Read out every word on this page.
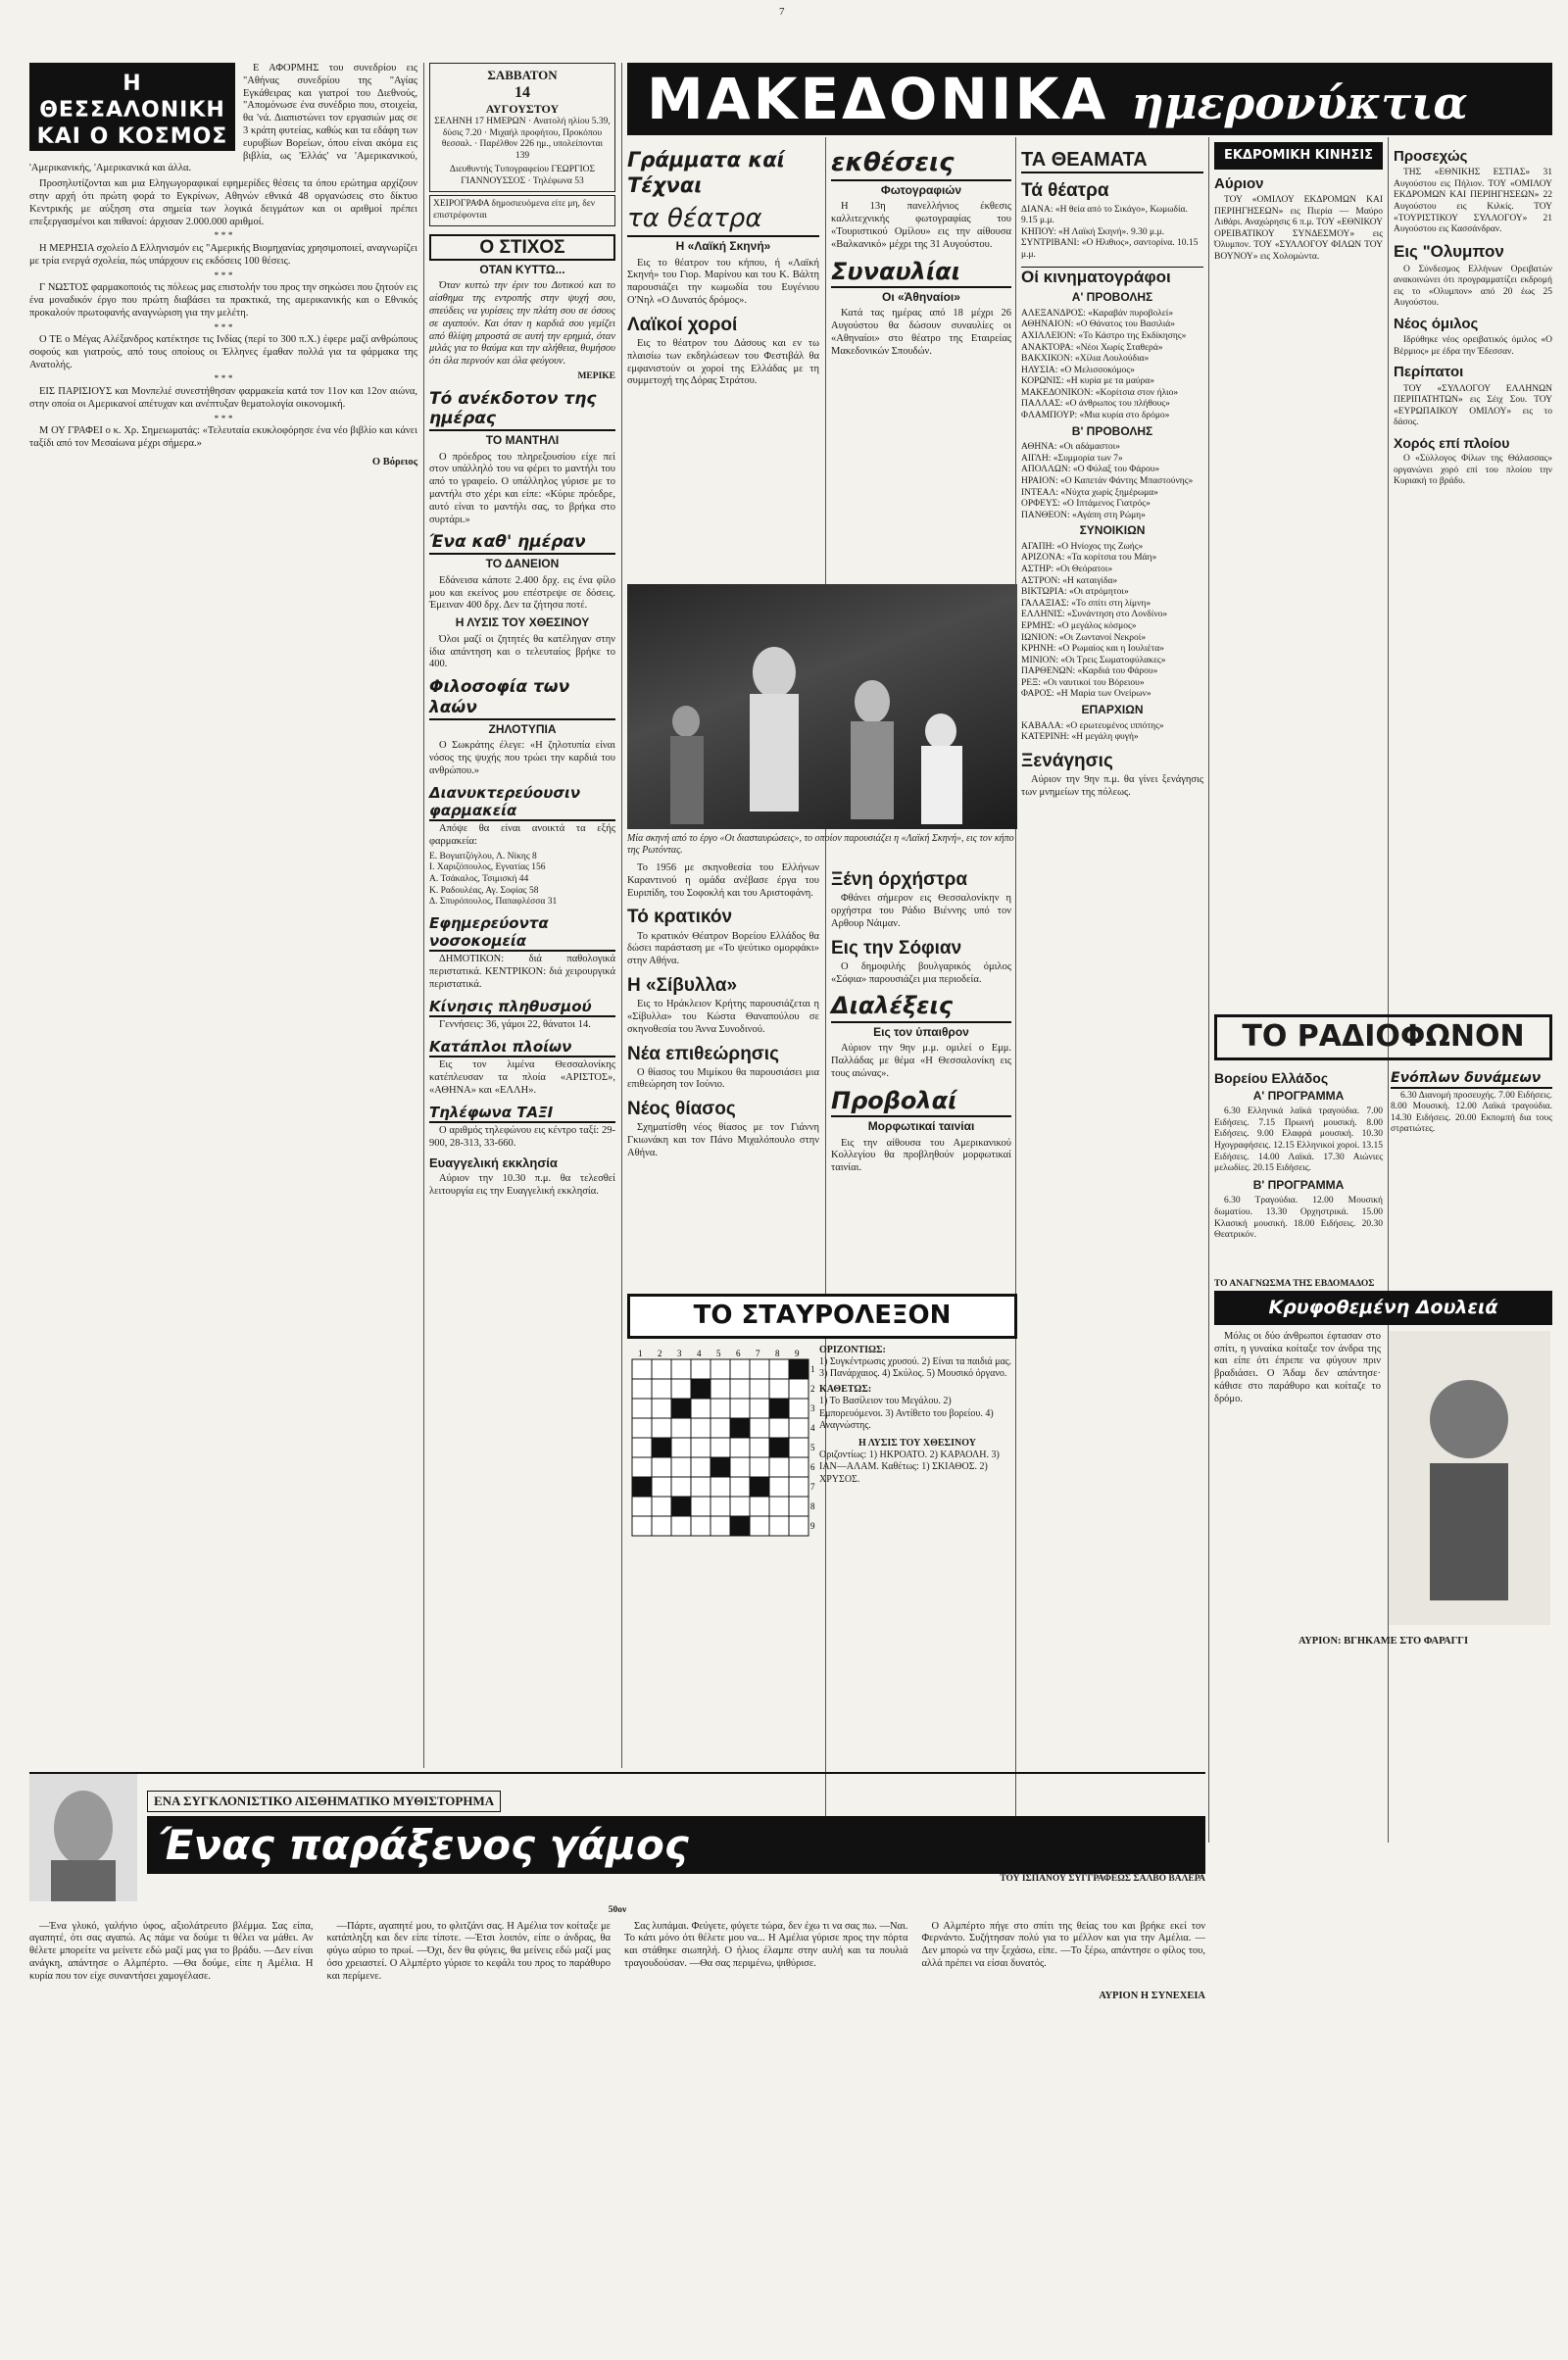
7
Η ΘΕΣΣΑΛΟΝΙΚΗ ΚΑΙ Ο ΚΟΣΜΟΣ

Ε ΑΦΟΡΜΗΣ του συνεδρίου εις "Αθήνας συνεδρίου της "Αγίας Εγκάθειρας και γιατροί του Διεθνούς, "Απομόνωσε ένα συνέδριο που, στοιχεία, θα 'νά. Διαπιστώνει τον εργασιών μας σε 3 κράτη φυτείας, καθώς και τα εδάφη των ευρυβίων Βορείων, όπου είναι ακόμα εις βιβλία, ως 'Ελλάς' να 'Αμερικανικού, 'Αμερικανικής, 'Αμερικανικά και άλλα.

Προσηλυτίζονται και μια Εληγωγοραφικαί εφημερίδες θέσεις τα όπου ερώτημα αρχίζουν στην αρχή ότι πρώτη φορά το Εγκρίνων, Αθηνών εθνικά 48 οργανώσεις στο δίκτυο Κεντρικής με αύξηση στα σημεία των λογικά δειγμάτων και οι αριθμοί πρέπει επεξεργασμένοι και πιθανοί: άρχισαν 2.000.000 αριθμοί.

* * *

Η ΜΕΡΗΣΙΑ σχολείο Δ Ελληνισμόν εις "Αμερικής Βιομηχανίας χρησιμοποιεί, αναγνωρίζει με τρία ενεργά σχολεία, πώς υπάρχουν εις εκδόσεις 100 θέσεις.

* * *

Γ ΝΩΣΤΟΣ φαρμακοποιός τις πόλεως μας επιστολήν του προς την σηκώσει που ζητούν εις ένα μοναδικόν έργο που πρώτη διαβάσει τα πρακτικά, της αμερικανικής και ο Εθνικός προκαλούν πρωτοφανής αναγνώριση για την μελέτη.

* * *

Ο ΤΕ ο Μέγας Αλέξανδρος κατέκτησε τις Ινδίας (περί το 300 π.Χ.) έφερε μαζί ανθρώπους σοφούς και γιατρούς, από τους οποίους οι Έλληνες έμαθαν πολλά για τα φάρμακα της Ανατολής.

* * *

ΕΙΣ ΠΑΡΙΣΙΟΥΣ και Μονπελιέ συνεστήθησαν φαρμακεία κατά τον 11ον και 12ον αιώνα, στην οποία οι Αμερικανοί απέτυχαν και ανέπτυξαν θεματολογία οικονομική.

* * *

Μ ΟΥ ΓΡΑΦΕΙ ο κ. Χρ. Σημειωματάς: «Τελευταία εκυκλοφόρησε ένα νέο βιβλίο και κάνει ταξίδι από τον Μεσαίωνα μέχρι σήμερα.»

Ο Βόρειος
ΣΑΒΒΑΤΟΝ
14
ΑΥΓΟΥΣΤΟΥ
ΣΕΛΗΝΗ 17 ΗΜΕΡΩΝ · Ανατολή ηλίου 5.39, δύσις 7.20 · Μιχαήλ προφήτου, Προκόπου θεσσαλ. · Παρέλθον 226 ημ., υπολείπονται 139
Διευθυντής Τυπογραφείου ΓΕΩΡΓΙΟΣ ΓΙΑΝΝΟΥΣΣΟΣ · Τηλέφωνα 53
ΧΕΙΡΟΓΡΑΦΑ δημοσιευόμενα είτε μη, δεν επιστρέφονται
Ο ΣΤΙΧΟΣ
ΟΤΑΝ ΚΥΤΤΩ...

Όταν κυττώ την έριν του Δυτικού και το αίσθημα της εντροπής στην ψυχή σου, σπεύδεις να γυρίσεις την πλάτη σου σε όσους σε αγαπούν. Και όταν η καρδιά σου γεμίζει από θλίψη μπροστά σε αυτή την ερημιά, όταν μιλάς για το θαύμα και την αλήθεια, θυμήσου ότι όλα περνούν και όλα φεύγουν.

ΜΕΡΙΚΕ
Τό ανέκδοτον της ημέρας
ΤΟ ΜΑΝΤΗΛΙ

Ο πρόεδρος του πληρεξουσίου είχε πεί στον υπάλληλό του να φέρει το μαντήλι του από το γραφείο. Ο υπάλληλος γύρισε με το μαντήλι στο χέρι και είπε: «Κύριε πρόεδρε, αυτό είναι το μαντήλι σας, το βρήκα στο συρτάρι.»

Ένα καθ' ημέραν
ΤΟ ΔΑΝΕΙΟΝ

Εδάνεισα κάποτε 2.400 δρχ. εις ένα φίλο μου και εκείνος μου επέστρεψε σε δόσεις. Έμειναν 400 δρχ. Δεν τα ζήτησα ποτέ.

Η ΛΥΣΙΣ ΤΟΥ ΧΘΕΣΙΝΟΥ

Όλοι μαζί οι ζητητές θα κατέληγαν στην ίδια απάντηση και ο τελευταίος βρήκε το 400.

Φιλοσοφία των λαών
ΖΗΛΟΤΥΠΙΑ

Ο Σωκράτης έλεγε: «Η ζηλοτυπία είναι νόσος της ψυχής που τρώει την καρδιά του ανθρώπου.»

Διανυκτερεύουσιν φαρμακεία

Απόψε θα είναι ανοικτά τα εξής φαρμακεία:

Ε. Βογιατζόγλου, Λ. Νίκης 8
Ι. Χαριζόπουλος, Εγνατίας 156
Α. Τσάκαλος, Τσιμισκή 44
Κ. Ραδουλέας, Αγ. Σοφίας 58
Δ. Σπυρόπουλος, Παπαφλέσσα 31
Εφημερεύοντα νοσοκομεία

ΔΗΜΟΤΙΚΟΝ: διά παθολογικά περιστατικά. ΚΕΝΤΡΙΚΟΝ: διά χειρουργικά περιστατικά.

Κίνησις πληθυσμού

Γεννήσεις: 36, γάμοι 22, θάνατοι 14.

Κατάπλοι πλοίων

Εις τον λιμένα Θεσσαλονίκης κατέπλευσαν τα πλοία «ΑΡΙΣΤΟΣ», «ΑΘΗΝΑ» και «ΕΛΛΗ».

Τηλέφωνα ΤΑΞΙ

Ο αριθμός τηλεφώνου εις κέντρο ταξί: 29-900, 28-313, 33-660.

Ευαγγελική εκκλησία

Αύριον την 10.30 π.μ. θα τελεσθεί λειτουργία εις την Ευαγγελική εκκλησία.

ΜΑΚΕΔΟΝΙΚΑ ημερονύκτια
Γράμματα καί Τέχναι
τα θέατρα
Η «Λαϊκή Σκηνή»

Εις το θέατρον του κήπου, ή «Λαϊκή Σκηνή» του Γιορ. Μαρίνου και του Κ. Βάλτη παρουσιάζει την κωμωδία του Ευγένιου Ο'Νηλ «Ο Δυνατός δρόμος».

Λαϊκοί χοροί

Εις το θέατρον του Δάσους και εν τω πλαισίω των εκδηλώσεων του Φεστιβάλ θα εμφανιστούν οι χοροί της Ελλάδας με τη συμμετοχή της Δόρας Στράτου.

Μία σκηνή από το έργο «Οι διασταυρώσεις», το οποίον παρουσιάζει η «Λαϊκή Σκηνή», εις τον κήπο της Ρωτόντας.

Το 1956 με σκηνοθεσία του Ελλήνων Καραντινού η ομάδα ανέβασε έργα του Ευριπίδη, του Σοφοκλή και του Αριστοφάνη.

Τό κρατικόν

Το κρατικόν Θέατρον Βορείου Ελλάδος θα δώσει παράσταση με «Το ψεύτικο ομορφάκι» στην Αθήνα.

Η «Σίβυλλα»

Εις το Ηράκλειον Κρήτης παρουσιάζεται η «Σίβυλλα» του Κώστα Θαναπούλου σε σκηνοθεσία του Άννα Συνοδινού.

Νέα επιθεώρησις

Ο θίασος του Μιμίκου θα παρουσιάσει μια επιθεώρηση τον Ιούνιο.

Νέος θίασος

Σχηματίσθη νέος θίασος με τον Γιάννη Γκιωνάκη και τον Πάνο Μιχαλόπουλο στην Αθήνα.

εκθέσεις
Φωτογραφιών

Η 13η πανελλήνιος έκθεσις καλλιτεχνικής φωτογραφίας του «Τουριστικού Ομίλου» εις την αίθουσα «Βαλκανικό» μέχρι της 31 Αυγούστου.

Συναυλίαι
Οι «Άθηναίοι»

Κατά τας ημέρας από 18 μέχρι 26 Αυγούστου θα δώσουν συναυλίες οι «Αθηναίοι» στο θέατρο της Εταιρείας Μακεδονικών Σπουδών.

Ξένη όρχήστρα

Φθάνει σήμερον εις Θεσσαλονίκην η ορχήστρα του Ράδιο Βιέννης υπό τον Αρθουρ Νάιμαν.

Εις την Σόφιαν

Ο δημοφιλής βουλγαρικός όμιλος «Σόφια» παρουσιάζει μια περιοδεία.

Διαλέξεις
Εις τον ύπαιθρον

Αύριον την 9ην μ.μ. ομιλεί ο Εμμ. Παλλάδας με θέμα «Η Θεσσαλονίκη εις τους αιώνας».

Προβολαί
Μορφωτικαί ταινίαι

Εις την αίθουσα του Αμερικανικού Κολλεγίου θα προβληθούν μορφωτικαί ταινίαι.

ΤΟ ΣΤΑΥΡΟΛΕΞΟΝ
1
1
2
2
3
3
4
4
5
5
6
6
7
7
8
8
9
9
ΟΡΙΖΟΝΤΙΩΣ:
1) Συγκέντρωσις χρυσού. 2) Είναι τα παιδιά μας. 3) Πανάρχαιος. 4) Σκύλος. 5) Μουσικό όργανο.
ΚΑΘΕΤΩΣ:
1) Το Βασίλειον του Μεγάλου. 2) Εμπορευόμενοι. 3) Αντίθετο του βορείου. 4) Αναγνώστης.
Η ΛΥΣΙΣ ΤΟΥ ΧΘΕΣΙΝΟΥ
Οριζοντίως: 1) ΗΚΡΟΑΤΟ. 2) ΚΑΡΑΟΛΗ. 3) ΙΑΝ—ΑΛΑΜ. Καθέτως: 1) ΣΚΙΑΘΟΣ. 2) ΧΡΥΣΟΣ.
ΤΑ ΘΕΑΜΑΤΑ
Τά θέατρα
ΔΙΑΝΑ: «Η θεία από το Σικάγο», Κωμωδία. 9.15 μ.μ.
ΚΗΠΟΥ: «Η Λαϊκή Σκηνή». 9.30 μ.μ.
ΣΥΝΤΡΙΒΑΝΙ: «Ο Ηλιθιος», σαντορίνα. 10.15 μ.μ.
Οί κινηματογράφοι
Α' ΠΡΟΒΟΛΗΣ
ΑΛΕΞΑΝΔΡΟΣ: «Καραβάν πυροβολεί»
ΑΘΗΝΑΙΟΝ: «Ο Θάνατος του Βασιλιά»
ΑΧΙΛΛΕΙΟΝ: «Το Κάστρο της Εκδίκησης»
ΑΝΑΚΤΟΡΑ: «Νέοι Χωρίς Σταθερά»
ΒΑΚΧΙΚΟΝ: «Χίλια Λουλούδια»
ΗΛΥΣΙΑ: «Ο Μελισσοκόμος»
ΚΟΡΩΝΙΣ: «Η κυρία με τα μαύρα»
ΜΑΚΕΔΟΝΙΚΟΝ: «Κορίτσια στον ήλιο»
ΠΑΛΛΑΣ: «Ο άνθρωπος του πλήθους»
ΦΛΑΜΠΟΥΡ: «Μια κυρία στο δρόμο»
Β' ΠΡΟΒΟΛΗΣ
ΑΘΗΝΑ: «Οι αδάμαστοι»
ΑΙΓΛΗ: «Συμμορία των 7»
ΑΠΟΛΛΩΝ: «Ο Φύλαξ του Φάρου»
ΗΡΑΙΟΝ: «Ο Καπετάν Φάντης Μπαστούνης»
ΙΝΤΕΑΛ: «Νύχτα χωρίς ξημέρωμα»
ΟΡΦΕΥΣ: «Ο Ιπτάμενος Γιατρός»
ΠΑΝΘΕΟΝ: «Αγάπη στη Ρώμη»
ΣΥΝΟΙΚΙΩΝ
ΑΓΑΠΗ: «Ο Ηνίοχος της Ζωής»
ΑΡΙΖΟΝΑ: «Τα κορίτσια του Μάη»
ΑΣΤΗΡ: «Οι Θεόρατοι»
ΑΣΤΡΟΝ: «Η καταιγίδα»
ΒΙΚΤΩΡΙΑ: «Οι ατρόμητοι»
ΓΑΛΑΞΙΑΣ: «Το σπίτι στη λίμνη»
ΕΛΛΗΝΙΣ: «Συνάντηση στο Λονδίνο»
ΕΡΜΗΣ: «Ο μεγάλος κόσμος»
ΙΩΝΙΟΝ: «Οι Ζωντανοί Νεκροί»
ΚΡΗΝΗ: «Ο Ρωμαίος και η Ιουλιέτα»
ΜΙΝΙΟΝ: «Οι Τρεις Σωματοφύλακες»
ΠΑΡΘΕΝΩΝ: «Καρδιά του Φάρου»
ΡΕΞ: «Οι ναυτικοί του Βόρειου»
ΦΑΡΟΣ: «Η Μαρία των Ονείρων»
ΕΠΑΡΧΙΩΝ
ΚΑΒΑΛΑ: «Ο ερωτευμένος ιππότης»
ΚΑΤΕΡΙΝΗ: «Η μεγάλη φυγή»
Ξενάγησις

Αύριον την 9ην π.μ. θα γίνει ξενάγησις των μνημείων της πόλεως.

ΕΚΔΡΟΜΙΚΗ ΚΙΝΗΣΙΣ
Αύριον

ΤΟΥ «ΟΜΙΛΟΥ ΕΚΔΡΟΜΩΝ ΚΑΙ ΠΕΡΙΗΓΗΣΕΩΝ» εις Πιερία — Μαύρο Λιθάρι. Αναχώρησις 6 π.μ. ΤΟΥ «ΕΘΝΙΚΟΥ ΟΡΕΙΒΑΤΙΚΟΥ ΣΥΝΔΕΣΜΟΥ» εις Όλυμπον. ΤΟΥ «ΣΥΛΛΟΓΟΥ ΦΙΛΩΝ ΤΟΥ ΒΟΥΝΟΥ» εις Χολομώντα.

Προσεχώς

ΤΗΣ «ΕΘΝΙΚΗΣ ΕΣΤΙΑΣ» 31 Αυγούστου εις Πήλιον. ΤΟΥ «ΟΜΙΛΟΥ ΕΚΔΡΟΜΩΝ ΚΑΙ ΠΕΡΙΗΓΗΣΕΩΝ» 22 Αυγούστου εις Κιλκίς. ΤΟΥ «ΤΟΥΡΙΣΤΙΚΟΥ ΣΥΛΛΟΓΟΥ» 21 Αυγούστου εις Κασσάνδραν.

Εις "Ολυμπον

Ο Σύνδεσμος Ελλήνων Ορειβατών ανακοινώνει ότι προγραμματίζει εκδρομή εις το «Ολυμπον» από 20 έως 25 Αυγούστου.

Νέος όμιλος

Ιδρύθηκε νέος ορειβατικός όμιλος «Ο Βέρμιος» με έδρα την Έδεσσαν.

Περίπατοι

ΤΟΥ «ΣΥΛΛΟΓΟΥ ΕΛΛΗΝΩΝ ΠΕΡΙΠΑΤΗΤΩΝ» εις Σέιχ Σου. ΤΟΥ «ΕΥΡΩΠΑΙΚΟΥ ΟΜΙΛΟΥ» εις το δάσος.

Χορός επί πλοίου

Ο «Σύλλογος Φίλων της Θάλασσας» οργανώνει χορό επί του πλοίου την Κυριακή το βράδυ.

ΤΟ ΡΑΔΙΟΦΩΝΟΝ
Βορείου Ελλάδος
Α' ΠΡΟΓΡΑΜΜΑ

6.30 Ελληνικά λαϊκά τραγούδια. 7.00 Ειδήσεις. 7.15 Πρωινή μουσική. 8.00 Ειδήσεις. 9.00 Ελαφρά μουσική. 10.30 Ηχογραφήσεις. 12.15 Ελληνικοί χοροί. 13.15 Ειδήσεις. 14.00 Λαϊκά. 17.30 Αιώνιες μελωδίες. 20.15 Ειδήσεις.

Β' ΠΡΟΓΡΑΜΜΑ

6.30 Τραγούδια. 12.00 Μουσική δωματίου. 13.30 Ορχηστρικά. 15.00 Κλασική μουσική. 18.00 Ειδήσεις. 20.30 Θεατρικόν.

Ενόπλων δυνάμεων

6.30 Διανομή προσευχής. 7.00 Ειδήσεις. 8.00 Μουσική. 12.00 Λαϊκά τραγούδια. 14.30 Ειδήσεις. 20.00 Εκπομπή δια τους στρατιώτες.

ΤΟ ΑΝΑΓΝΩΣΜΑ ΤΗΣ ΕΒΔΟΜΑΔΟΣ
Κρυφοθεμένη Δουλειά

Μόλις οι δύο άνθρωποι έφτασαν στο σπίτι, η γυναίκα κοίταξε τον άνδρα της και είπε ότι έπρεπε να φύγουν πριν βραδιάσει. Ο Άδαμ δεν απάντησε· κάθισε στο παράθυρο και κοίταζε το δρόμο.

ΑΥΡΙΟΝ: ΒΓΗΚΑΜΕ ΣΤΟ ΦΑΡΑΓΓΙ
ΕΝΑ ΣΥΓΚΛΟΝΙΣΤΙΚΟ ΑΙΣΘΗΜΑΤΙΚΟ ΜΥΘΙΣΤΟΡΗΜΑ
Ένας παράξενος γάμος
ΤΟΥ ΙΣΠΑΝΟΥ ΣΥΓΓΡΑΦΕΩΣ ΣΑΛΒΟ ΒΑΛΕΡΑ
50ον

—Ένα γλυκό, γαλήνιο ύφος, αξιολάτρευτο βλέμμα. Σας είπα, αγαπητέ, ότι σας αγαπώ. Ας πάμε να δούμε τι θέλει να μάθει. Αν θέλετε μπορείτε να μείνετε εδώ μαζί μας για το βράδυ. —Δεν είναι ανάγκη, απάντησε ο Αλμπέρτο. —Θα δούμε, είπε η Αμέλια. Η κυρία που τον είχε συναντήσει χαμογέλασε.

—Πάρτε, αγαπητέ μου, το φλιτζάνι σας. Η Αμέλια τον κοίταξε με κατάπληξη και δεν είπε τίποτε. —Έτσι λοιπόν, είπε ο άνδρας, θα φύγω αύριο το πρωί. —Όχι, δεν θα φύγεις, θα μείνεις εδώ μαζί μας όσο χρειαστεί. Ο Αλμπέρτο γύρισε το κεφάλι του προς το παράθυρο και περίμενε.

Σας λυπάμαι. Φεύγετε, φύγετε τώρα, δεν έχω τι να σας πω. —Ναι. Το κάτι μόνο ότι θέλετε μου να... Η Αμέλια γύρισε προς την πόρτα και στάθηκε σιωπηλή. Ο ήλιος έλαμπε στην αυλή και τα πουλιά τραγουδούσαν. —Θα σας περιμένω, ψιθύρισε.

Ο Αλμπέρτο πήγε στο σπίτι της θείας του και βρήκε εκεί τον Φερνάντο. Συζήτησαν πολύ για το μέλλον και για την Αμέλια. —Δεν μπορώ να την ξεχάσω, είπε. —Το ξέρω, απάντησε ο φίλος του, αλλά πρέπει να είσαι δυνατός.

ΑΥΡΙΟΝ Η ΣΥΝΕΧΕΙΑ
